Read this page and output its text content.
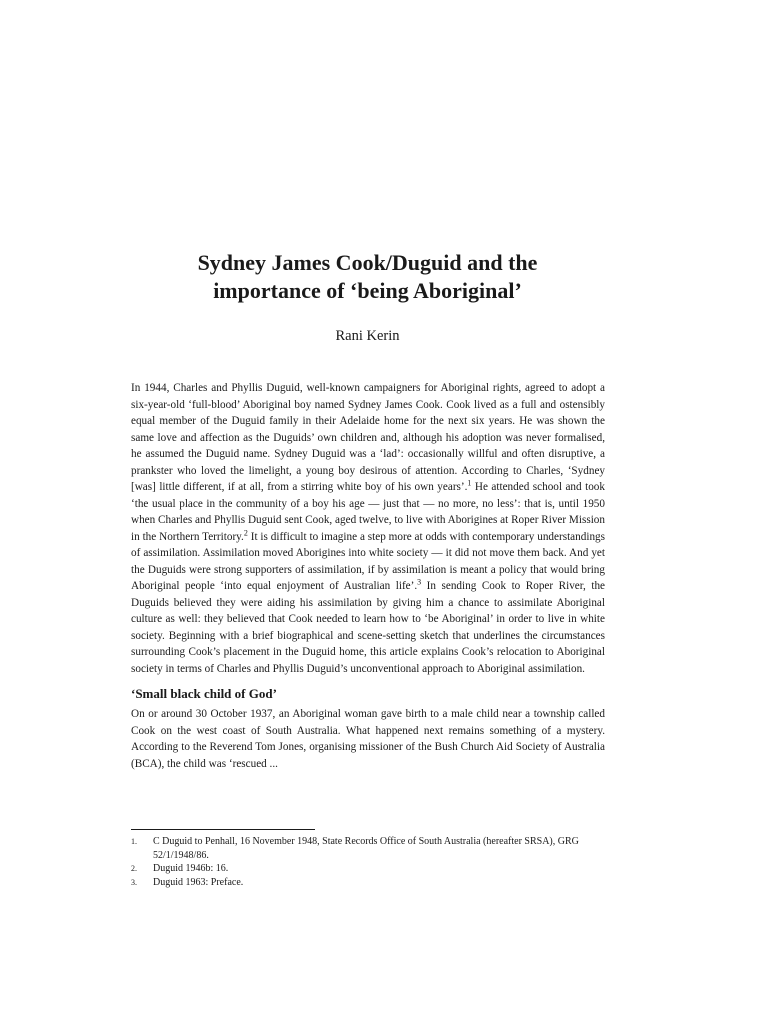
Sydney James Cook/Duguid and the
importance of ‘being Aboriginal’
Rani Kerin

In 1944, Charles and Phyllis Duguid, well-known campaigners for Aboriginal rights, agreed to adopt a six-year-old ‘full-blood’ Aboriginal boy named Sydney James Cook. Cook lived as a full and ostensibly equal member of the Duguid family in their Adelaide home for the next six years. He was shown the same love and affection as the Duguids’ own children and, although his adoption was never formalised, he assumed the Duguid name. Sydney Duguid was a ‘lad’: occasionally willful and often disruptive, a prankster who loved the limelight, a young boy desirous of attention. According to Charles, ‘Sydney [was] little different, if at all, from a stirring white boy of his own years’.$^1$ He attended school and took ‘the usual place in the community of a boy his age — just that — no more, no less’: that is, until 1950 when Charles and Phyllis Duguid sent Cook, aged twelve, to live with Aborigines at Roper River Mission in the Northern Territory.$^2$ It is difficult to imagine a step more at odds with contemporary understandings of assimilation. Assimilation moved Aborigines into white society — it did not move them back. And yet the Duguids were strong supporters of assimilation, if by assimilation is meant a policy that would bring Aboriginal people ‘into equal enjoyment of Australian life’.$^3$ In sending Cook to Roper River, the Duguids believed they were aiding his assimilation by giving him a chance to assimilate Aboriginal culture as well: they believed that Cook needed to learn how to ‘be Aboriginal’ in order to live in white society. Beginning with a brief biographical and scene-setting sketch that underlines the circumstances surrounding Cook’s placement in the Duguid home, this article explains Cook’s relocation to Aboriginal society in terms of Charles and Phyllis Duguid’s unconventional approach to Aboriginal assimilation.

‘Small black child of God’

On or around 30 October 1937, an Aboriginal woman gave birth to a male child near a township called Cook on the west coast of South Australia. What happened next remains something of a mystery. According to the Reverend Tom Jones, organising missioner of the Bush Church Aid Society of Australia (BCA), the child was ‘rescued ...

1.	C Duguid to Penhall, 16 November 1948, State Records Office of South Australia (hereafter SRSA), GRG 52/1/1948/86.
2.	Duguid 1946b: 16.
3.	Duguid 1963: Preface.
